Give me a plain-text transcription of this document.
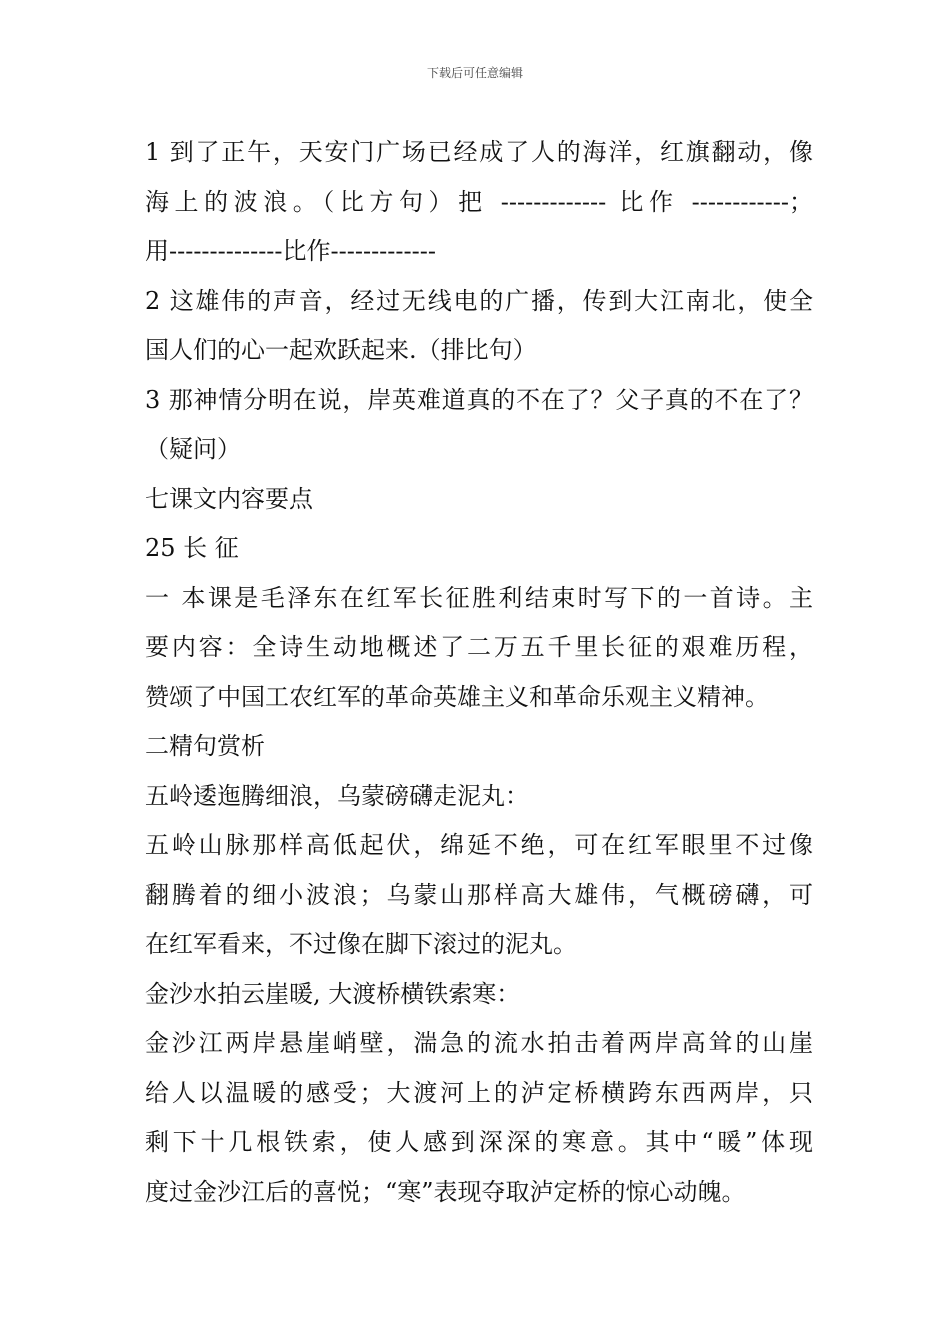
下载后可任意编辑
1 到了正午，天安门广场已经成了人的海洋，红旗翻动，像
海上的波浪。（比方句）把 ------------- 比作 ------------；
用--------------比作-------------
2 这雄伟的声音，经过无线电的广播，传到大江南北，使全
国人们的心一起欢跃起来.（排比句）
3 那神情分明在说，岸英难道真的不在了？父子真的不在了？
（疑问）
七课文内容要点
25 长 征
一 本课是毛泽东在红军长征胜利结束时写下的一首诗。主
要内容：全诗生动地概述了二万五千里长征的艰难历程，
赞颂了中国工农红军的革命英雄主义和革命乐观主义精神。
二精句赏析
五岭逶迤腾细浪，乌蒙磅礴走泥丸：
五岭山脉那样高低起伏，绵延不绝，可在红军眼里不过像
翻腾着的细小波浪；乌蒙山那样高大雄伟，气概磅礴，可
在红军看来，不过像在脚下滚过的泥丸。
金沙水拍云崖暖, 大渡桥横铁索寒：
金沙江两岸悬崖峭壁，湍急的流水拍击着两岸高耸的山崖
给人以温暖的感受；大渡河上的泸定桥横跨东西两岸，只
剩下十几根铁索，使人感到深深的寒意。其中“暖”体现
度过金沙江后的喜悦；“寒”表现夺取泸定桥的惊心动魄。
